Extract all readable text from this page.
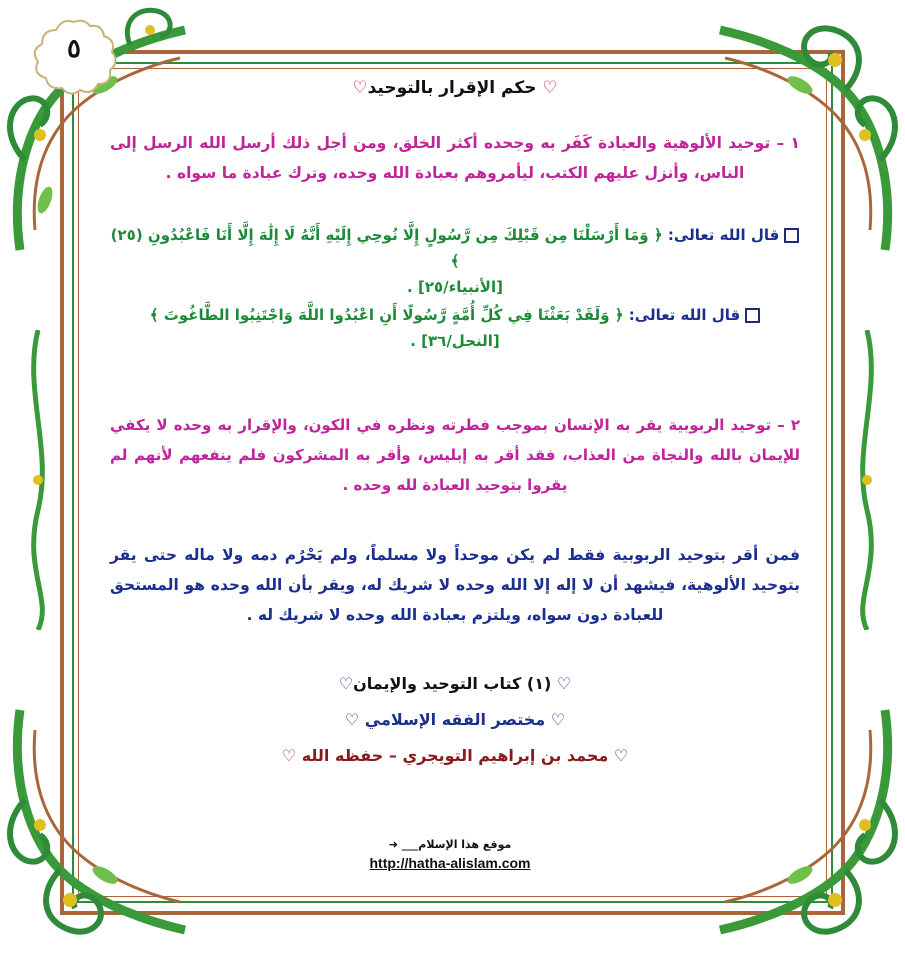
٥
♡ حكم الإقرار بالتوحيد♡

١ – توحيد الألوهية والعبادة كَفَر به وجحده أكثر الخلق، ومن أجل ذلك أرسل الله الرسل إلى الناس، وأنزل عليهم الكتب، ليأمروهم بعبادة الله وحده، وترك عبادة ما سواه .

قال الله تعالى: ﴿ وَمَا أَرْسَلْنَا مِن قَبْلِكَ مِن رَّسُولٍ إِلَّا نُوحِي إِلَيْهِ أَنَّهُ لَا إِلَٰهَ إِلَّا أَنَا فَاعْبُدُونِ (٢٥) ﴾
[الأنبياء/٢٥] .
قال الله تعالى: ﴿ وَلَقَدْ بَعَثْنَا فِي كُلِّ أُمَّةٍ رَّسُولًا أَنِ اعْبُدُوا اللَّهَ وَاجْتَنِبُوا الطَّاغُوتَ ﴾
[النحل/٣٦] .

٢ – توحيد الربوبية يقر به الإنسان بموجب فطرته ونظره في الكون، والإقرار به وحده لا يكفي للإيمان بالله والنجاة من العذاب، فقد أقر به إبليس، وأقر به المشركون فلم ينفعهم لأنهم لم يقروا بتوحيد العبادة لله وحده .

فمن أقر بتوحيد الربوبية فقط لم يكن موحداً ولا مسلماً، ولم يَحْرُم دمه ولا ماله حتى يقر بتوحيد الألوهية، فيشهد أن لا إله إلا الله وحده لا شريك له، ويقر بأن الله وحده هو المستحق للعبادة دون سواه، ويلتزم بعبادة الله وحده لا شريك له .

♡ (١) كتاب التوحيد والإيمان♡
♡ مختصر الفقه الإسلامي ♡
♡ محمد بن إبراهيم التويجري – حفظه الله ♡
موقع هذا الإسلام___ ➜
http://hatha-alislam.com
